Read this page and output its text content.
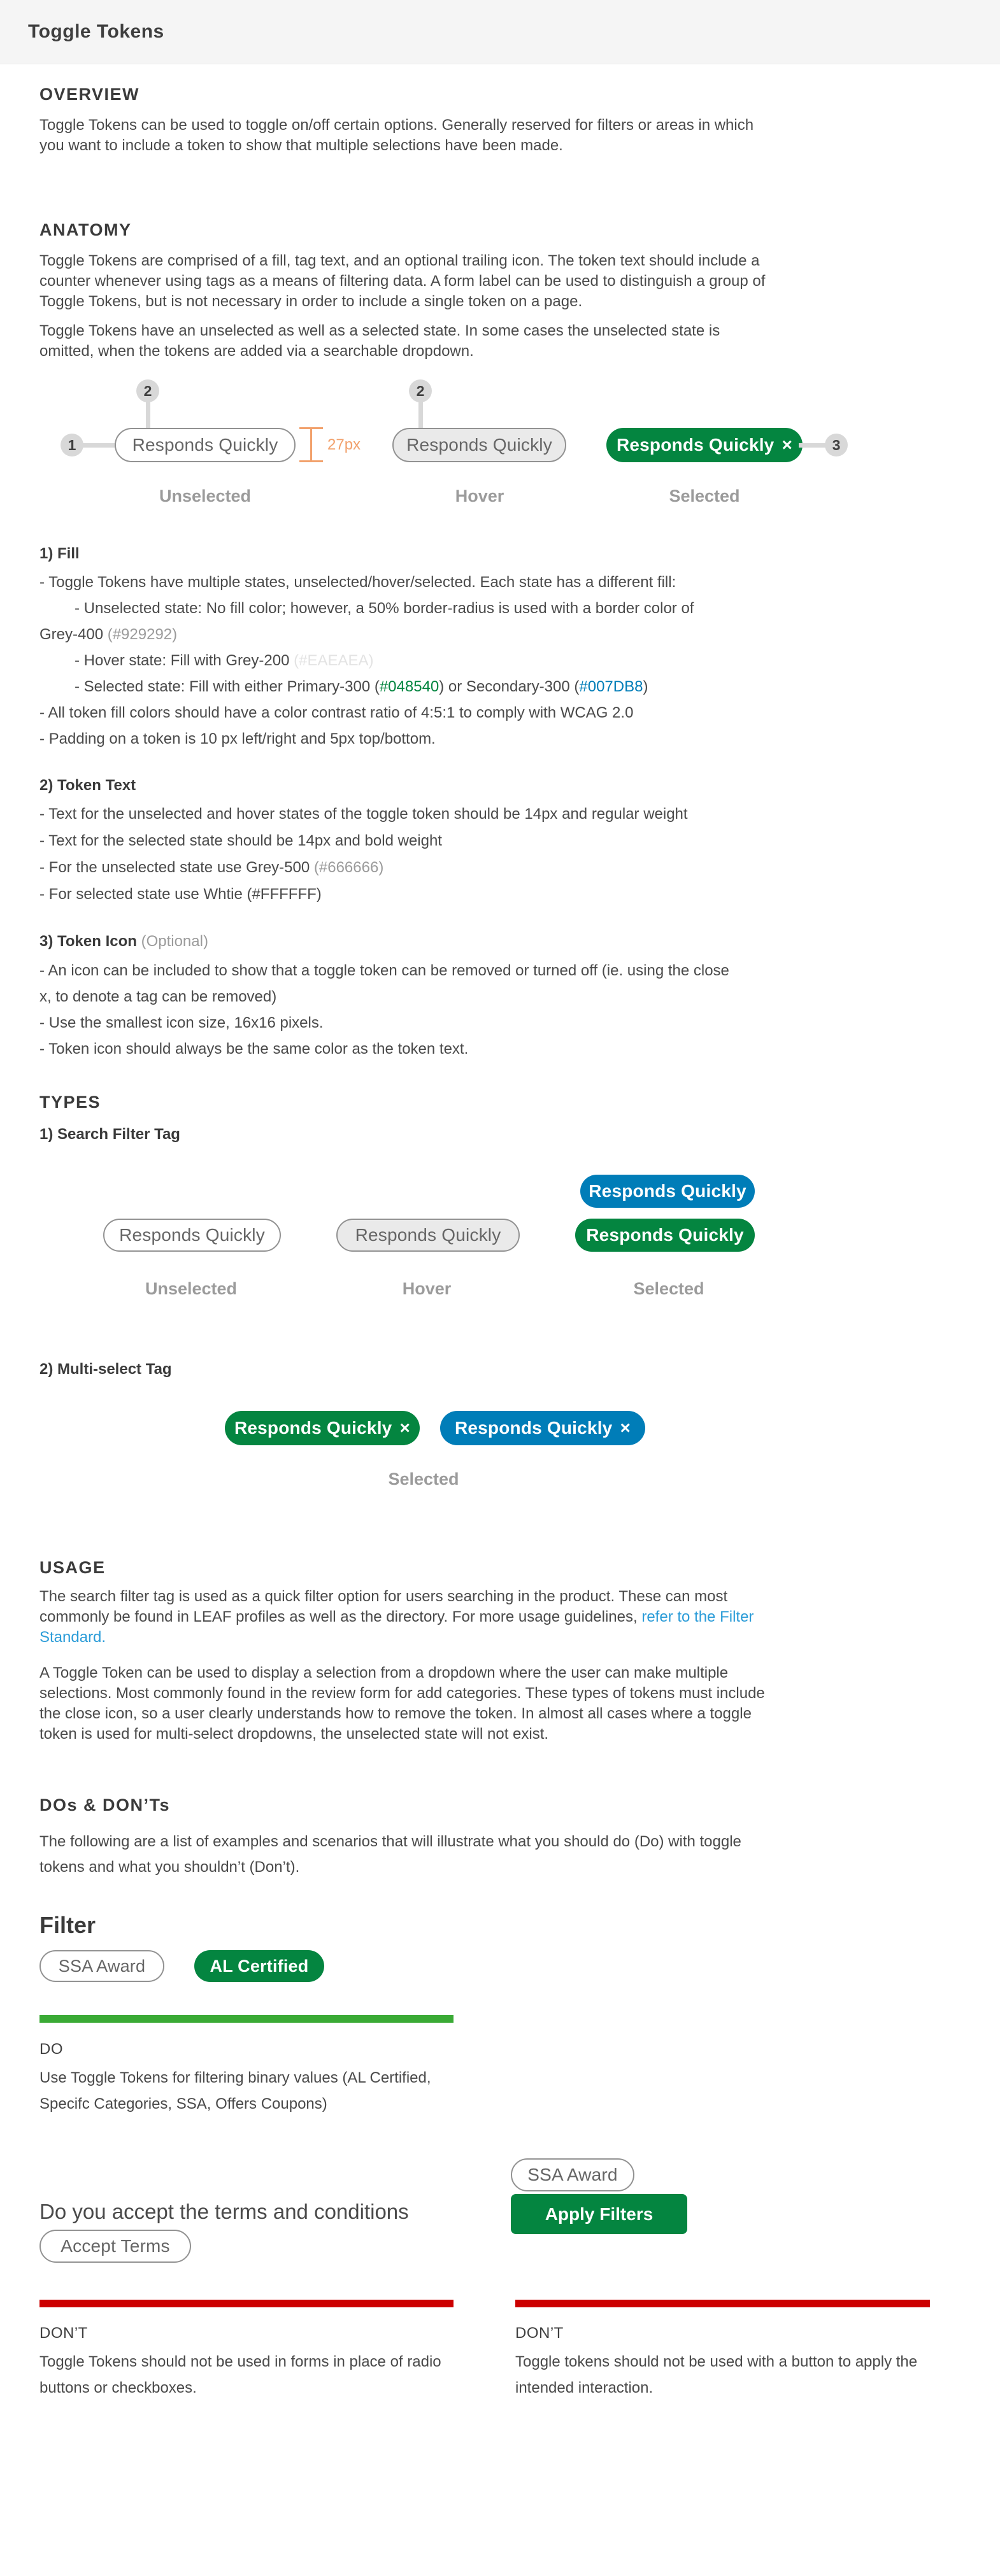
Toggle Tokens
OVERVIEW

Toggle Tokens can be used to toggle on/off certain options. Generally reserved for filters or areas in which
you want to include a token to show that multiple selections have been made.

ANATOMY

Toggle Tokens are comprised of a fill, tag text, and an optional trailing icon. The token text should include a
counter whenever using tags as a means of filtering data. A form label can be used to distinguish a group of
Toggle Tokens, but is not necessary in order to include a single token on a page.

Toggle Tokens have an unselected as well as a selected state. In some cases the unselected state is
omitted, when the tokens are added via a searchable dropdown.

1
2
Responds Quickly	27px
2
Responds Quickly	Responds Quickly ×	3
Unselected	Hover	Selected
1) Fill
- Toggle Tokens have multiple states, unselected/hover/selected. Each state has a different fill:
- Unselected state: No fill color; however, a 50% border-radius is used with a border color of
Grey-400 (#929292)
- Hover state: Fill with Grey-200 (#EAEAEA)
- Selected state: Fill with either Primary-300 (#048540) or Secondary-300 (#007DB8)
- All token fill colors should have a color contrast ratio of 4:5:1 to comply with WCAG 2.0
- Padding on a token is 10 px left/right and 5px top/bottom.
2) Token Text
- Text for the unselected and hover states of the toggle token should be 14px and regular weight
- Text for the selected state should be 14px and bold weight
- For the unselected state use Grey-500 (#666666)
- For selected state use Whtie (#FFFFFF)
3) Token Icon (Optional)
- An icon can be included to show that a toggle token can be removed or turned off (ie. using the close
x, to denote a tag can be removed)
- Use the smallest icon size, 16x16 pixels.
- Token icon should always be the same color as the token text.
TYPES
1) Search Filter Tag
Responds Quickly
Responds Quickly	Responds Quickly	Responds Quickly
Unselected	Hover	Selected
2) Multi-select Tag
Responds Quickly × Responds Quickly ×
Selected
USAGE

The search filter tag is used as a quick filter option for users searching in the product. These can most
commonly be found in LEAF profiles as well as the directory. For more usage guidelines, refer to the Filter
Standard.

A Toggle Token can be used to display a selection from a dropdown where the user can make multiple
selections. Most commonly found in the review form for add categories. These types of tokens must include
the close icon, so a user clearly understands how to remove the token. In almost all cases where a toggle
token is used for multi-select dropdowns, the unselected state will not exist.

DOs & DON’Ts

The following are a list of examples and scenarios that will illustrate what you should do (Do) with toggle
tokens and what you shouldn’t (Don’t).

Filter
SSA Award	AL Certified
DO
Use Toggle Tokens for filtering binary values (AL Certified,
Specifc Categories, SSA, Offers Coupons)
Do you accept the terms and conditions
Accept Terms
DON’T
Toggle Tokens should not be used in forms in place of radio
buttons or checkboxes.
SSA Award
Apply Filters
DON’T
Toggle tokens should not be used with a button to apply the
intended interaction.
